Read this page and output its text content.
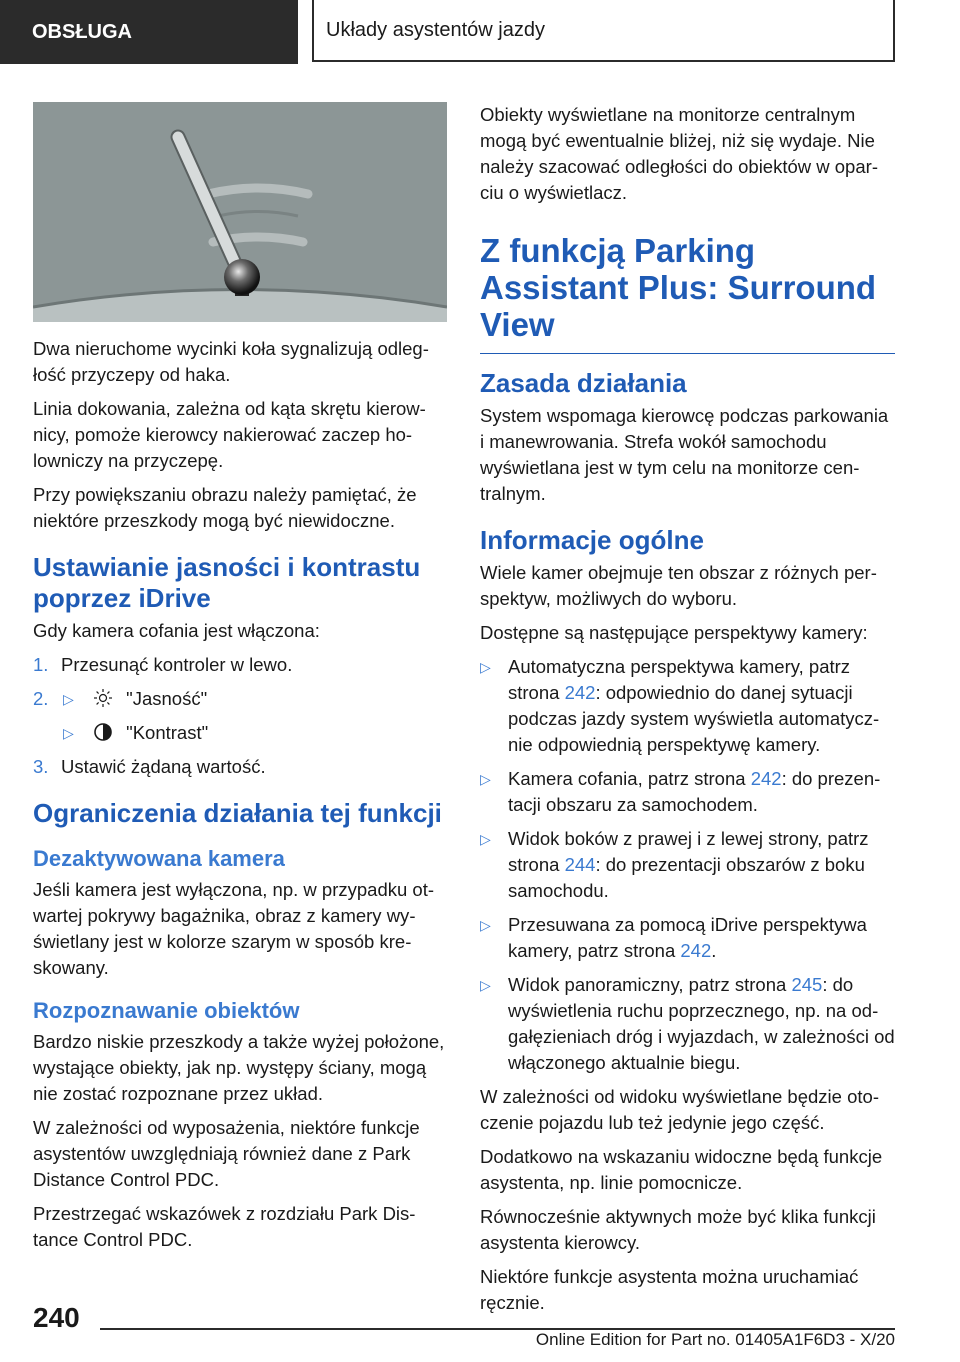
OBSŁUGA	Układy asystentów jazdy

Dwa nieruchome wycinki koła sygnalizują odległość przyczepy od haka.

Linia dokowania, zależna od kąta skrętu kierownicy, pomoże kierowcy nakierować zaczep holowniczy na przyczepę.

Przy powiększaniu obrazu należy pamiętać, że niektóre przeszkody mogą być niewidoczne.

Ustawianie jasności i kontrastu poprzez iDrive

Gdy kamera cofania jest włączona:

1. Przesunąć kontroler w lewo.
2. ▷	"Jasność"
▷	"Kontrast"
3. Ustawić żądaną wartość.
Ograniczenia działania tej funkcji
Dezaktywowana kamera

Jeśli kamera jest wyłączona, np. w przypadku otwartej pokrywy bagażnika, obraz z kamery wyświetlany jest w kolorze szarym w sposób kreskowany.

Rozpoznawanie obiektów

Bardzo niskie przeszkody a także wyżej położone, wystające obiekty, jak np. występy ściany, mogą nie zostać rozpoznane przez układ.

W zależności od wyposażenia, niektóre funkcje asystentów uwzględniają również dane z Park Distance Control PDC.

Przestrzegać wskazówek z rozdziału Park Distance Control PDC.

Obiekty wyświetlane na monitorze centralnym mogą być ewentualnie bliżej, niż się wydaje. Nie należy szacować odległości do obiektów w oparciu o wyświetlacz.

Z funkcją Parking Assistant Plus: Surround View
Zasada działania

System wspomaga kierowcę podczas parkowania i manewrowania. Strefa wokół samochodu wyświetlana jest w tym celu na monitorze centralnym.

Informacje ogólne

Wiele kamer obejmuje ten obszar z różnych perspektyw, możliwych do wyboru.

Dostępne są następujące perspektywy kamery:

▷ Automatyczna perspektywa kamery, patrz strona 242: odpowiednio do danej sytuacji podczas jazdy system wyświetla automatycznie odpowiednią perspektywę kamery.
▷ Kamera cofania, patrz strona 242: do prezentacji obszaru za samochodem.
▷ Widok boków z prawej i z lewej strony, patrz strona 244: do prezentacji obszarów z boku samochodu.
▷ Przesuwana za pomocą iDrive perspektywa kamery, patrz strona 242.
▷ Widok panoramiczny, patrz strona 245: do wyświetlenia ruchu poprzecznego, np. na odgałęzieniach dróg i wyjazdach, w zależności od włączonego aktualnie biegu.

W zależności od widoku wyświetlane będzie otoczenie pojazdu lub też jedynie jego część.

Dodatkowo na wskazaniu widoczne będą funkcje asystenta, np. linie pomocnicze.

Równocześnie aktywnych może być klika funkcji asystenta kierowcy.

Niektóre funkcje asystenta można uruchamiać ręcznie.

240
Online Edition for Part no. 01405A1F6D3 - X/20
